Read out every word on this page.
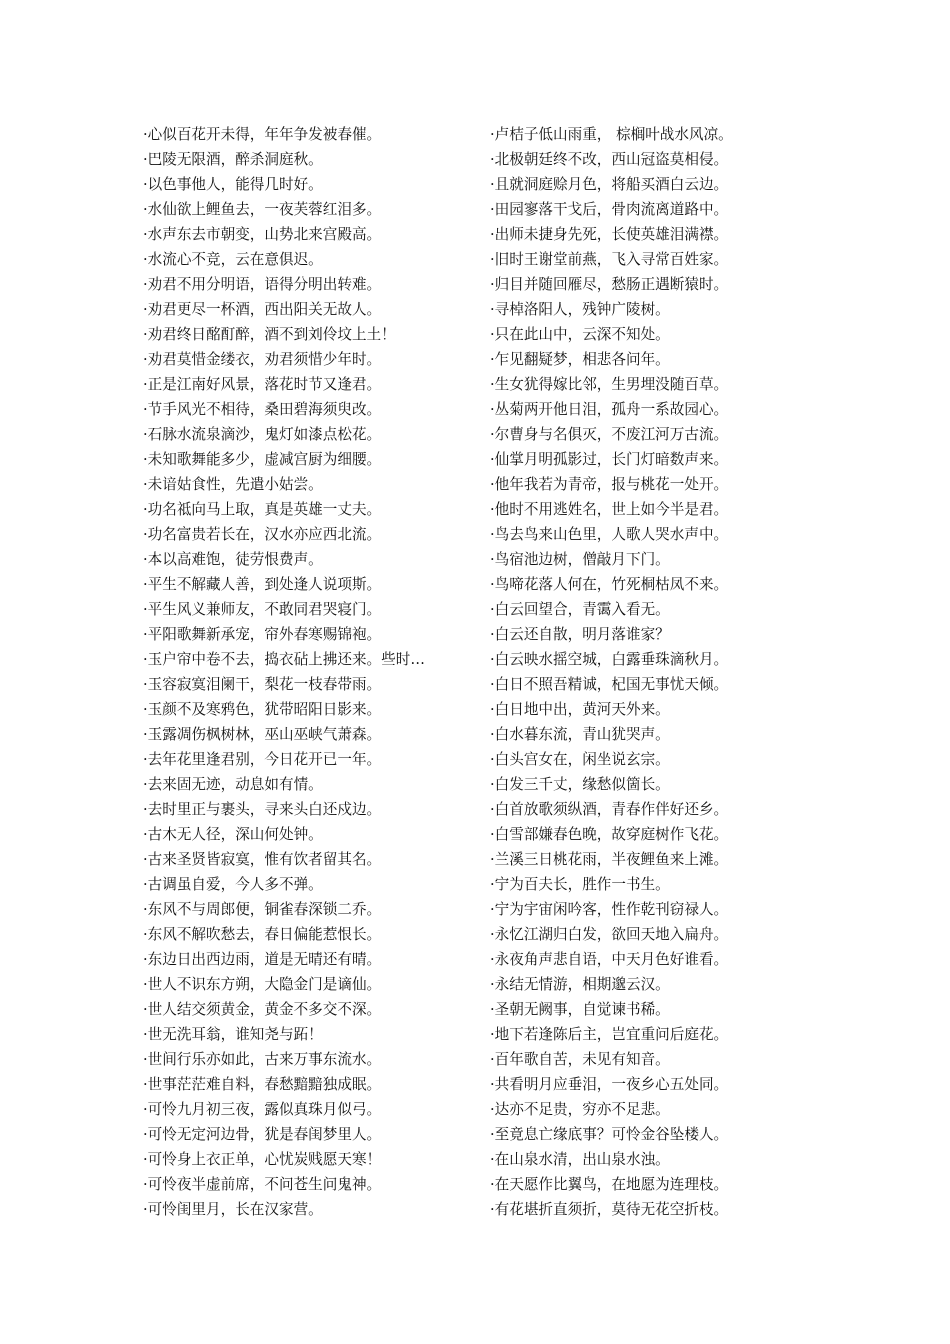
·心似百花开未得，年年争发被春催。
·巴陵无限酒，醉杀洞庭秋。
·以色事他人，能得几时好。
·水仙欲上鲤鱼去，一夜芙蓉红泪多。
·水声东去市朝变，山势北来宫殿高。
·水流心不竞，云在意俱迟。
·劝君不用分明语，语得分明出转难。
·劝君更尽一杯酒，西出阳关无故人。
·劝君终日酩酊醉，酒不到刘伶坟上土！
·劝君莫惜金缕衣，劝君须惜少年时。
·正是江南好风景，落花时节又逢君。
·节手风光不相待，桑田碧海须臾改。
·石脉水流泉滴沙，鬼灯如漆点松花。
·未知歌舞能多少，虚减宫厨为细腰。
·未谙姑食性，先遣小姑尝。
·功名祗向马上取，真是英雄一丈夫。
·功名富贵若长在，汉水亦应西北流。
·本以高难饱，徒劳恨费声。
·平生不解藏人善，到处逢人说项斯。
·平生风义兼师友，不敢同君哭寝门。
·平阳歌舞新承宠，帘外春寒赐锦袍。
·玉户帘中卷不去，捣衣砧上拂还来。些时…
·玉容寂寞泪阑干，梨花一枝春带雨。
·玉颜不及寒鸦色，犹带昭阳日影来。
·玉露凋伤枫树林，巫山巫峡气萧森。
·去年花里逢君别，今日花开已一年。
·去来固无迹，动息如有情。
·去时里正与裹头，寻来头白还戍边。
·古木无人径，深山何处钟。
·古来圣贤皆寂寞，惟有饮者留其名。
·古调虽自爱，今人多不弹。
·东风不与周郎便，铜雀春深锁二乔。
·东风不解吹愁去，春日偏能惹恨长。
·东边日出西边雨，道是无晴还有晴。
·世人不识东方朔，大隐金门是谪仙。
·世人结交须黄金，黄金不多交不深。
·世无洗耳翁，谁知尧与跖！
·世间行乐亦如此，古来万事东流水。
·世事茫茫难自料，春愁黯黯独成眠。
·可怜九月初三夜，露似真珠月似弓。
·可怜无定河边骨，犹是春闺梦里人。
·可怜身上衣正单，心忧炭贱愿天寒！
·可怜夜半虚前席，不问苍生问鬼神。
·可怜闺里月，长在汉家营。
·卢桔子低山雨重， 棕榈叶战水风凉。
·北极朝廷终不改，西山冠盗莫相侵。
·且就洞庭赊月色，将船买酒白云边。
·田园寥落干戈后，骨肉流离道路中。
·出师未捷身先死，长使英雄泪满襟。
·旧时王谢堂前燕，飞入寻常百姓家。
·归目并随回雁尽，愁肠正遇断猿时。
·寻棹洛阳人，残钟广陵树。
·只在此山中，云深不知处。
·乍见翻疑梦，相悲各问年。
·生女犹得嫁比邻，生男埋没随百草。
·丛菊两开他日泪，孤舟一系故园心。
·尔曹身与名俱灭，不废江河万古流。
·仙掌月明孤影过，长门灯暗数声来。
·他年我若为青帝，报与桃花一处开。
·他时不用逃姓名，世上如今半是君。
·鸟去鸟来山色里，人歌人哭水声中。
·鸟宿池边树，僧敲月下门。
·鸟啼花落人何在，竹死桐枯凤不来。
·白云回望合，青霭入看无。
·白云还自散，明月落谁家？
·白云映水摇空城，白露垂珠滴秋月。
·白日不照吾精诚，杞国无事忧天倾。
·白日地中出，黄河天外来。
·白水暮东流，青山犹哭声。
·白头宫女在，闲坐说玄宗。
·白发三千丈，缘愁似箇长。
·白首放歌须纵酒，青春作伴好还乡。
·白雪部嫌春色晚，故穿庭树作飞花。
·兰溪三日桃花雨，半夜鲤鱼来上滩。
·宁为百夫长，胜作一书生。
·宁为宇宙闲吟客，性作乾刊窃禄人。
·永忆江湖归白发，欲回天地入扁舟。
·永夜角声悲自语，中天月色好谁看。
·永结无情游，相期邈云汉。
·圣朝无阙事，自觉谏书稀。
·地下若逢陈后主，岂宜重问后庭花。
·百年歌自苦，未见有知音。
·共看明月应垂泪，一夜乡心五处同。
·达亦不足贵，穷亦不足悲。
·至竟息亡缘底事？可怜金谷坠楼人。
·在山泉水清，出山泉水浊。
·在天愿作比翼鸟，在地愿为连理枝。
·有花堪折直须折，莫待无花空折枝。
